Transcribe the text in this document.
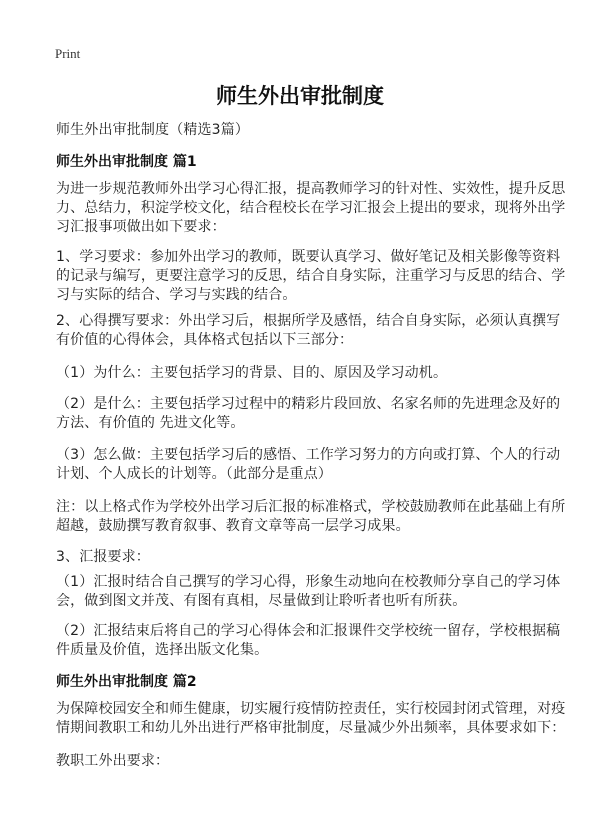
Print
师生外出审批制度
师生外出审批制度（精选3篇）
师生外出审批制度 篇1
为进一步规范教师外出学习心得汇报，提高教师学习的针对性、实效性，提升反思
力、总结力，积淀学校文化，结合程校长在学习汇报会上提出的要求，现将外出学
习汇报事项做出如下要求：
1、学习要求：参加外出学习的教师，既要认真学习、做好笔记及相关影像等资料
的记录与编写，更要注意学习的反思，结合自身实际，注重学习与反思的结合、学
习与实际的结合、学习与实践的结合。
2、心得撰写要求：外出学习后，根据所学及感悟，结合自身实际，必须认真撰写
有价值的心得体会，具体格式包括以下三部分：
（1）为什么：主要包括学习的背景、目的、原因及学习动机。
（2）是什么：主要包括学习过程中的精彩片段回放、名家名师的先进理念及好的
方法、有价值的 先进文化等。
（3）怎么做：主要包括学习后的感悟、工作学习努力的方向或打算、个人的行动
计划、个人成长的计划等。（此部分是重点）
注：以上格式作为学校外出学习后汇报的标准格式，学校鼓励教师在此基础上有所
超越，鼓励撰写教育叙事、教育文章等高一层学习成果。
3、汇报要求：
（1）汇报时结合自己撰写的学习心得，形象生动地向在校教师分享自己的学习体
会，做到图文并茂、有图有真相，尽量做到让聆听者也听有所获。
（2）汇报结束后将自己的学习心得体会和汇报课件交学校统一留存，学校根据稿
件质量及价值，选择出版文化集。
师生外出审批制度 篇2
为保障校园安全和师生健康，切实履行疫情防控责任，实行校园封闭式管理，对疫
情期间教职工和幼儿外出进行严格审批制度，尽量减少外出频率，具体要求如下：
教职工外出要求：
